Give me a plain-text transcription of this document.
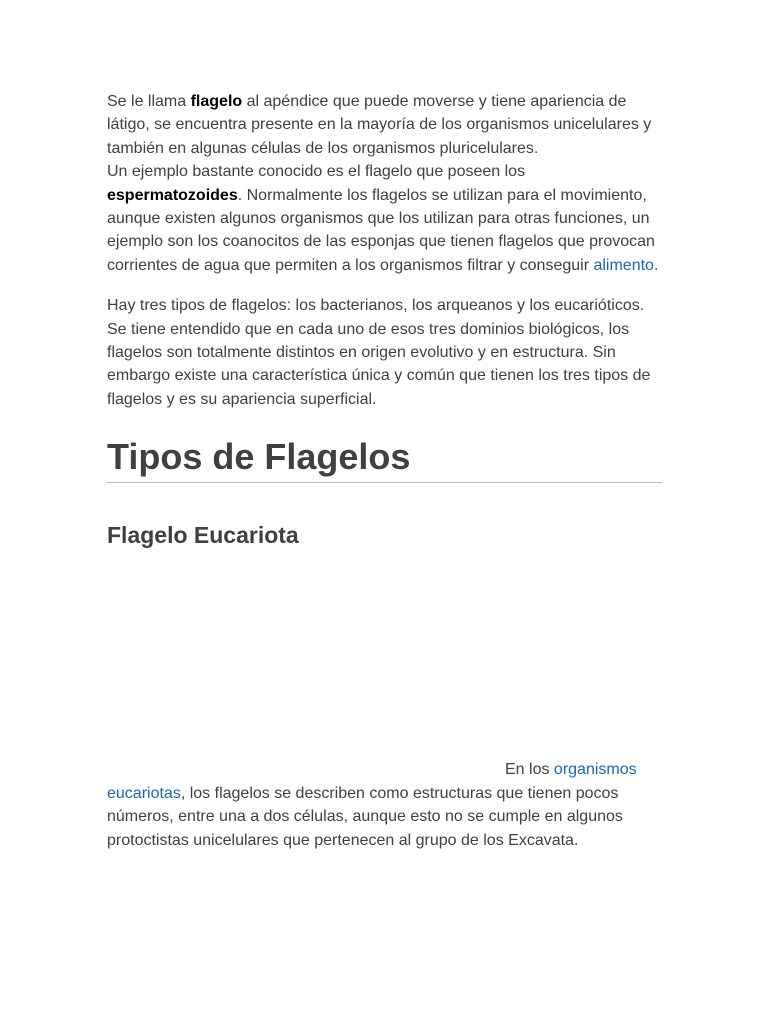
Se le llama flagelo al apéndice que puede moverse y tiene apariencia de látigo, se encuentra presente en la mayoría de los organismos unicelulares y también en algunas células de los organismos pluricelulares.
Un ejemplo bastante conocido es el flagelo que poseen los espermatozoides. Normalmente los flagelos se utilizan para el movimiento, aunque existen algunos organismos que los utilizan para otras funciones, un ejemplo son los coanocitos de las esponjas que tienen flagelos que provocan corrientes de agua que permiten a los organismos filtrar y conseguir alimento.

Hay tres tipos de flagelos: los bacterianos, los arqueanos y los eucarióticos. Se tiene entendido que en cada uno de esos tres dominios biológicos, los flagelos son totalmente distintos en origen evolutivo y en estructura. Sin embargo existe una característica única y común que tienen los tres tipos de flagelos y es su apariencia superficial.

Tipos de Flagelos
Flagelo Eucariota

En los organismos eucariotas, los flagelos se describen como estructuras que tienen pocos números, entre una a dos células, aunque esto no se cumple en algunos protoctistas unicelulares que pertenecen al grupo de los Excavata.
